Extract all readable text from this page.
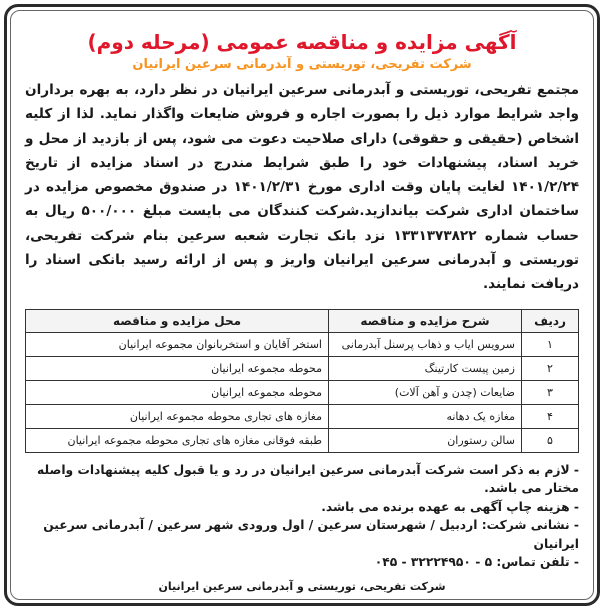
آگهی مزایده و مناقصه عمومی (مرحله دوم)
شرکت تفریحی، توریستی و آبدرمانی سرعین ایرانیان

مجتمع تفریحی، توریستی و آبدرمانی سرعین ایرانیان در نظر دارد، به بهره برداران واجد شرایط موارد ذیل را بصورت اجاره و فروش ضایعات واگذار نماید. لذا از کلیه اشخاص (حقیقی و حقوقی) دارای صلاحیت دعوت می شود، پس از بازدید از محل و خرید اسناد، پیشنهادات خود را طبق شرایط مندرج در اسناد مزایده از تاریخ ۱۴۰۱/۲/۲۴ لغایت پایان وقت اداری مورخ ۱۴۰۱/۲/۳۱ در صندوق مخصوص مزایده در ساختمان اداری شرکت بیاندازید.شرکت کنندگان می بایست مبلغ ۵۰۰/۰۰۰ ریال به حساب شماره ۱۳۳۱۳۷۳۸۲۲ نزد بانک تجارت شعبه سرعین بنام شرکت تفریحی، توریستی و آبدرمانی سرعین ایرانیان واریز و پس از ارائه رسید بانکی اسناد را دریافت نمایند.

ردیف	شرح مزایده و مناقصه	محل مزایده و مناقصه
۱	سرویس ایاب و ذهاب پرسنل آبدرمانی	استخر آقایان و استخربانوان مجموعه ایرانیان
۲	زمین پیست کارتینگ	محوطه مجموعه ایرانیان
۳	ضایعات (چدن و آهن آلات)	محوطه مجموعه ایرانیان
۴	مغازه یک دهانه	مغازه های تجاری محوطه مجموعه ایرانیان
۵	سالن رستوران	طبقه فوقانی مغازه های تجاری محوطه مجموعه ایرانیان

- لازم به ذکر است شرکت آبدرمانی سرعین ایرانیان در رد و یا قبول کلیه پیشنهادات واصله مختار می باشد.

- هزینه چاپ آگهی به عهده برنده می باشد.

- نشانی شرکت: اردبیل / شهرستان سرعین / اول ورودی شهر سرعین / آبدرمانی سرعین ایرانیان

- تلفن تماس: ۵ - ۳۲۲۲۴۹۵۰ - ۰۴۵

شرکت تفریحی، توریستی و آبدرمانی سرعین ایرانیان
